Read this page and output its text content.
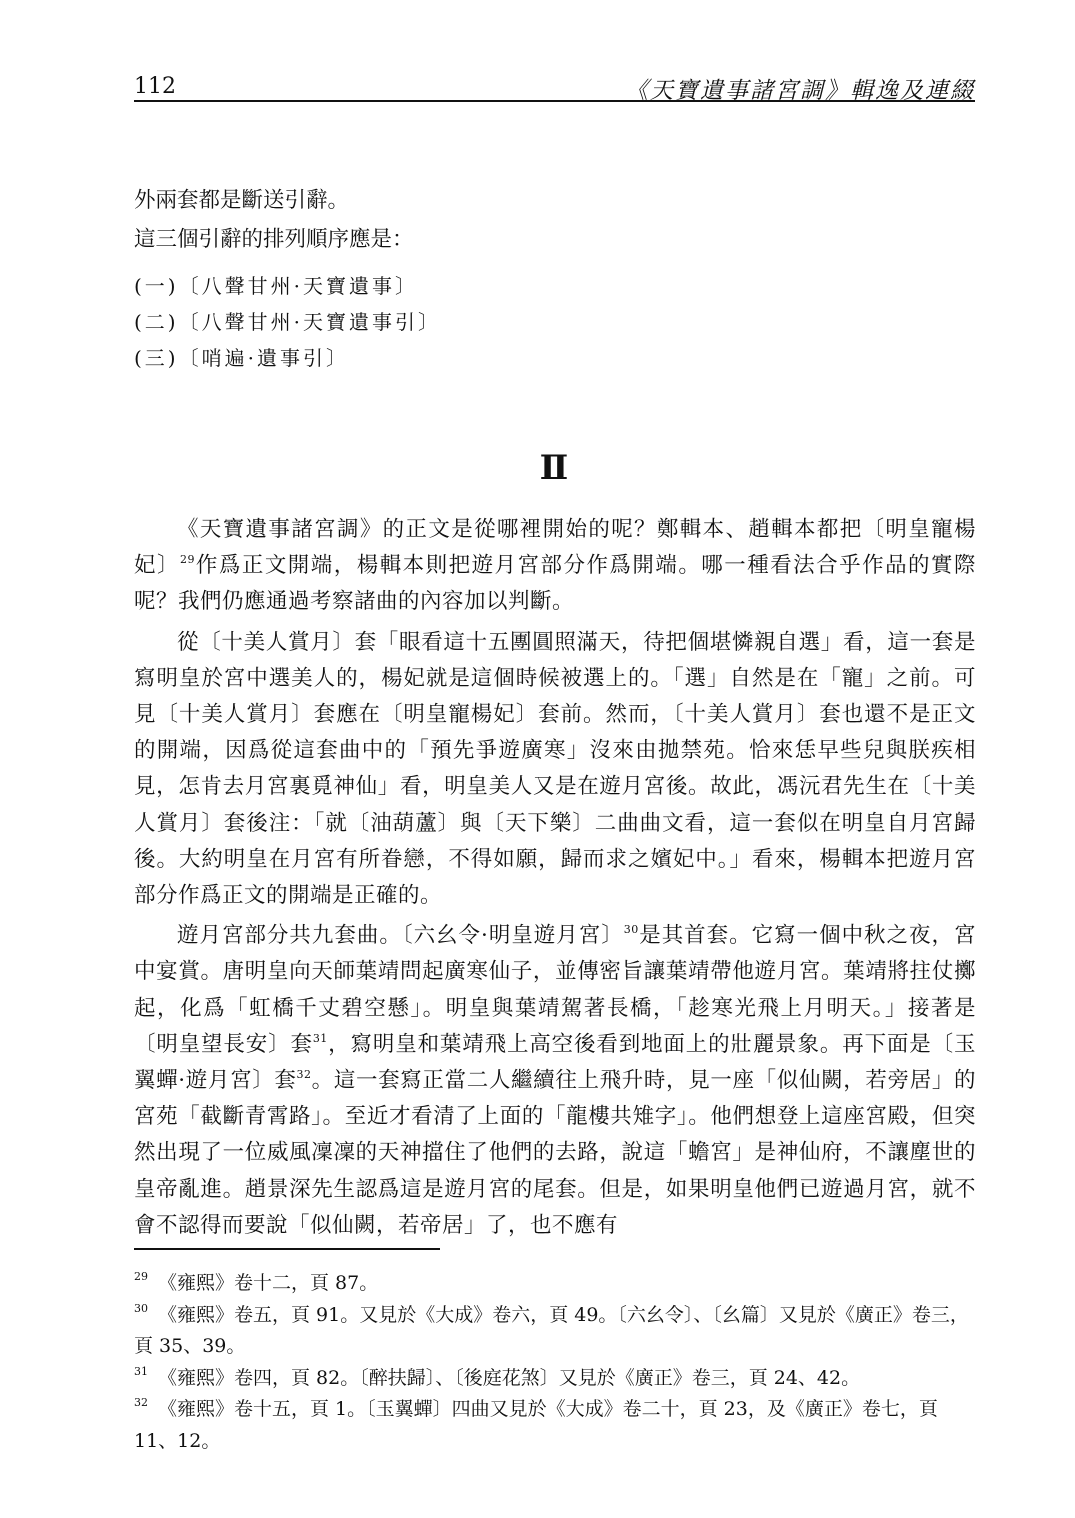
112	《天寶遺事諸宮調》輯逸及連綴
外兩套都是斷送引辭。
這三個引辭的排列順序應是：
(一)〔八聲甘州·天寶遺事〕
(二)〔八聲甘州·天寶遺事引〕
(三)〔哨遍·遺事引〕
Ⅱ

《天寶遺事諸宮調》的正文是從哪裡開始的呢？鄭輯本、趙輯本都把〔明皇寵楊妃〕$^{29}$作爲正文開端，楊輯本則把遊月宮部分作爲開端。哪一種看法合乎作品的實際呢？我們仍應通過考察諸曲的內容加以判斷。

從〔十美人賞月〕套「眼看這十五團圓照滿天，待把個堪憐親自選」看，這一套是寫明皇於宮中選美人的，楊妃就是這個時候被選上的。「選」自然是在「寵」之前。可見〔十美人賞月〕套應在〔明皇寵楊妃〕套前。然而，〔十美人賞月〕套也還不是正文的開端，因爲從這套曲中的「預先爭遊廣寒」沒來由拋禁苑。恰來恁早些兒與朕疾相見，怎肯去月宮裏覓神仙」看，明皇美人又是在遊月宮後。故此，馮沅君先生在〔十美人賞月〕套後注：「就〔油葫蘆〕與〔天下樂〕二曲曲文看，這一套似在明皇自月宮歸後。大約明皇在月宮有所眷戀，不得如願，歸而求之嬪妃中。」看來，楊輯本把遊月宮部分作爲正文的開端是正確的。

遊月宮部分共九套曲。〔六幺令·明皇遊月宮〕$^{30}$是其首套。它寫一個中秋之夜，宮中宴賞。唐明皇向天師葉靖問起廣寒仙子，並傳密旨讓葉靖帶他遊月宮。葉靖將拄仗擲起，化爲「虹橋千丈碧空懸」。明皇與葉靖駕著長橋，「趁寒光飛上月明天。」接著是〔明皇望長安〕套$^{31}$，寫明皇和葉靖飛上高空後看到地面上的壯麗景象。再下面是〔玉翼蟬·遊月宮〕套$^{32}$。這一套寫正當二人繼續往上飛升時，見一座「似仙闕，若旁居」的宮苑「截斷青霄路」。至近才看清了上面的「龍樓共雉字」。他們想登上這座宮殿，但突然出現了一位威風凜凜的天神擋住了他們的去路，說這「蟾宮」是神仙府，不讓塵世的皇帝亂進。趙景深先生認爲這是遊月宮的尾套。但是，如果明皇他們已遊過月宮，就不會不認得而要說「似仙闕，若帝居」了，也不應有

$^{29}$ 《雍熙》卷十二，頁 87。

$^{30}$ 《雍熙》卷五，頁 91。又見於《大成》卷六，頁 49。〔六幺令〕、〔幺篇〕又見於《廣正》卷三，頁 35、39。

$^{31}$ 《雍熙》卷四，頁 82。〔醉扶歸〕、〔後庭花煞〕又見於《廣正》卷三，頁 24、42。

$^{32}$ 《雍熙》卷十五，頁 1。〔玉翼蟬〕四曲又見於《大成》卷二十，頁 23，及《廣正》卷七，頁 11、12。
